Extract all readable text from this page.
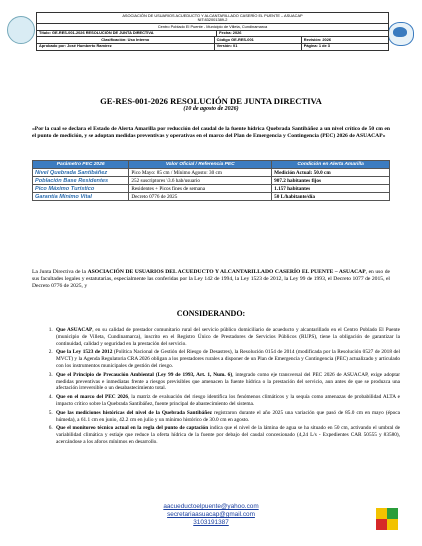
ASOCIACIÓN DE USUARIOS ACUEDUCTO Y ALCANTARILLADO CASERÍO EL PUENTE – ASUACAP
NIT:832001389-2
Centro Poblado El Puente - Municipio de Villeta, Cundinamarca
Título: GE-RES-001-2026 RESOLUCIÓN DE JUNTA DIRECTIVA	Fecha: 2026
Clasificación: Uso Interno	Código GE-RES-001	Revisión: 2026
Aprobado por: José Humberto Ramírez	Versión: 01	Página: 1 de 3
GE-RES-001-2026 RESOLUCIÓN DE JUNTA DIRECTIVA
(10 de agosto de 2026)
«Por la cual se declara el Estado de Alerta Amarilla por reducción del caudal de la fuente hídrica Quebrada Santibáñez a un nivel crítico de 50 cm en el punto de medición, y se adoptan medidas preventivas y operativas en el marco del Plan de Emergencia y Contingencia (PEC) 2026 de ASUACAP»
Parámetro PEC 2026	Valor Oficial / Referencia PEC	Condición en Alerta Amarilla
Nivel Quebrada Santibáñez	Pico Mayo: 85 cm / Mínimo Agosto: 30 cm	Medición Actual: 50.0 cm
Población Base Residentes	252 suscriptores \3.6 hab/usuario	907.2 habitantes fijos
Pico Máximo Turístico	Residentes + Picos fines de semana	1.157 habitantes
Garantía Mínimo Vital	Decreto 0776 de 2025	50 L/habitante/día
La Junta Directiva de la ASOCIACIÓN DE USUARIOS DEL ACUEDUCTO Y ALCANTARILLADO CASERÍO EL PUENTE – ASUACAP, en uso de sus facultades legales y estatutarias, especialmente las conferidas por la Ley 142 de 1994, la Ley 1523 de 2012, la Ley 99 de 1993, el Decreto 1077 de 2015, el Decreto 0776 de 2025, y
CONSIDERANDO:
1. Que ASUACAP, en su calidad de prestador comunitario rural del servicio público domiciliario de acueducto y alcantarillado en el Centro Poblado El Puente (municipio de Villeta, Cundinamarca), inscrito en el Registro Único de Prestadores de Servicios Públicos (RUPS), tiene la obligación de garantizar la continuidad, calidad y seguridad en la prestación del servicio.
2. Que la Ley 1523 de 2012 (Política Nacional de Gestión del Riesgo de Desastres), la Resolución 0154 de 2014 (modificada por la Resolución 0527 de 2018 del MVCT) y la Agenda Regulatoria CRA 2026 obligan a los prestadores rurales a disponer de un Plan de Emergencia y Contingencia (PEC) actualizado y articulado con los instrumentos municipales de gestión del riesgo.
3. Que el Principio de Precaución Ambiental (Ley 99 de 1993, Art. 1, Num. 6), integrado como eje transversal del PEC 2026 de ASUACAP, exige adoptar medidas preventivas e inmediatas frente a riesgos previsibles que amenacen la fuente hídrica o la prestación del servicio, aun antes de que se produzca una afectación irreversible o un desabastecimiento total.
4. Que en el marco del PEC 2026, la matriz de evaluación del riesgo identifica los fenómenos climáticos y la sequía como amenazas de probabilidad ALTA e impacto crítico sobre la Quebrada Santibáñez, fuente principal de abastecimiento del sistema.
5. Que las mediciones históricas del nivel de la Quebrada Santibáñez registraron durante el año 2025 una variación que pasó de 85.0 cm en mayo (época húmeda), a 61.1 cm en junio, 42.2 cm en julio y un mínimo histórico de 30.0 cm en agosto.
6. Que el monitoreo técnico actual en la regla del punto de captación indica que el nivel de la lámina de agua se ha situado en 50 cm, activando el umbral de variabilidad climática y estiaje que reduce la oferta hídrica de la fuente por debajo del caudal concesionado (4,24 L/s - Expedientes CAR 50555 y 83580), acercándose a los aforos mínimos en desarrollo.
aacueductoelpuente@yahoo.com
secretariaasuacap@gmail.com
3103191387
